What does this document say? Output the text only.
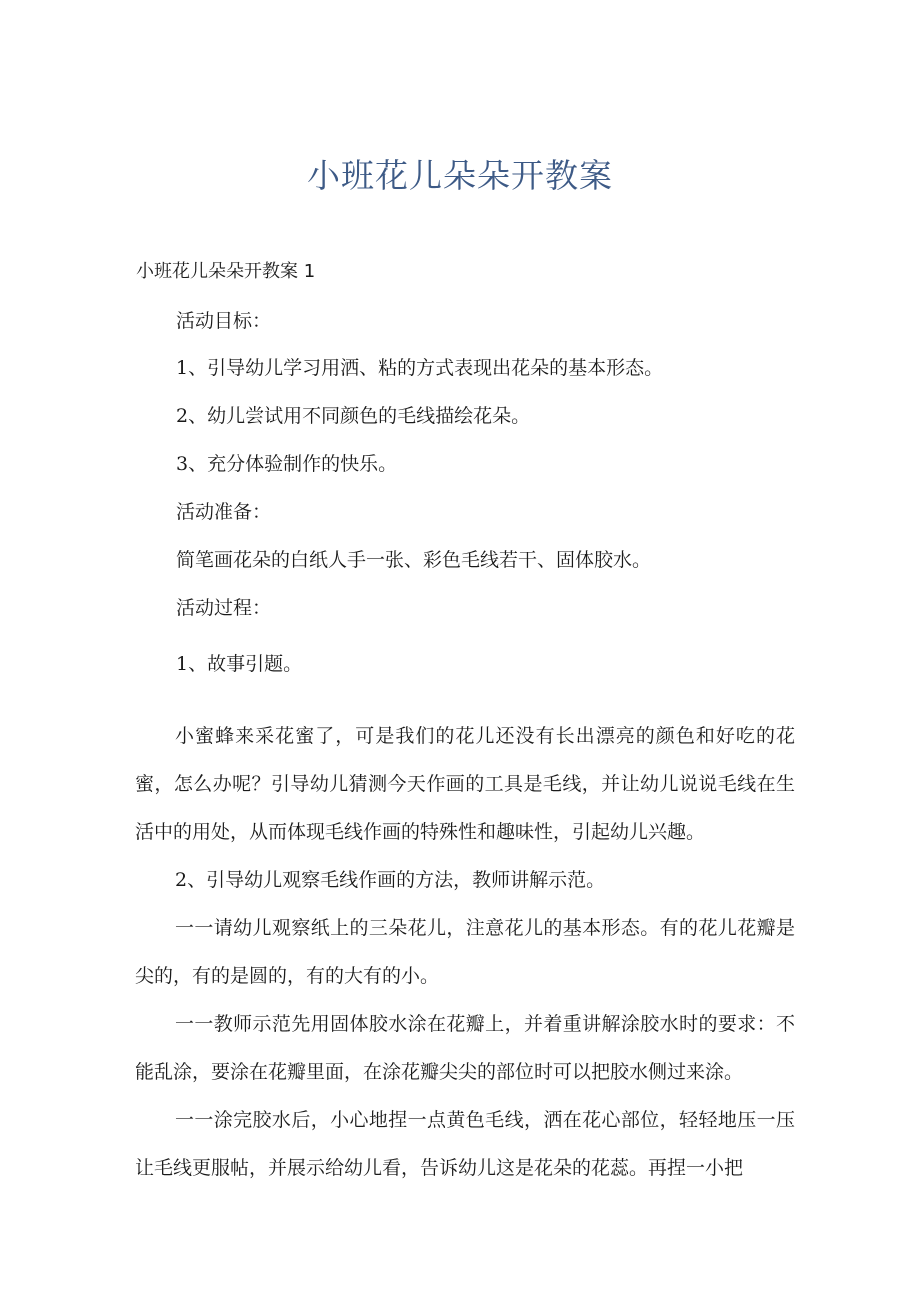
小班花儿朵朵开教案

小班花儿朵朵开教案 1

活动目标：

1、引导幼儿学习用洒、粘的方式表现出花朵的基本形态。

2、幼儿尝试用不同颜色的毛线描绘花朵。

3、充分体验制作的快乐。

活动准备：

简笔画花朵的白纸人手一张、彩色毛线若干、固体胶水。

活动过程：

1、故事引题。

小蜜蜂来采花蜜了，可是我们的花儿还没有长出漂亮的颜色和好吃的花蜜，怎么办呢？引导幼儿猜测今天作画的工具是毛线，并让幼儿说说毛线在生活中的用处，从而体现毛线作画的特殊性和趣味性，引起幼儿兴趣。

2、引导幼儿观察毛线作画的方法，教师讲解示范。

一一请幼儿观察纸上的三朵花儿，注意花儿的基本形态。有的花儿花瓣是尖的，有的是圆的，有的大有的小。

一一教师示范先用固体胶水涂在花瓣上，并着重讲解涂胶水时的要求：不能乱涂，要涂在花瓣里面，在涂花瓣尖尖的部位时可以把胶水侧过来涂。

一一涂完胶水后，小心地捏一点黄色毛线，洒在花心部位，轻轻地压一压让毛线更服帖，并展示给幼儿看，告诉幼儿这是花朵的花蕊。再捏一小把
